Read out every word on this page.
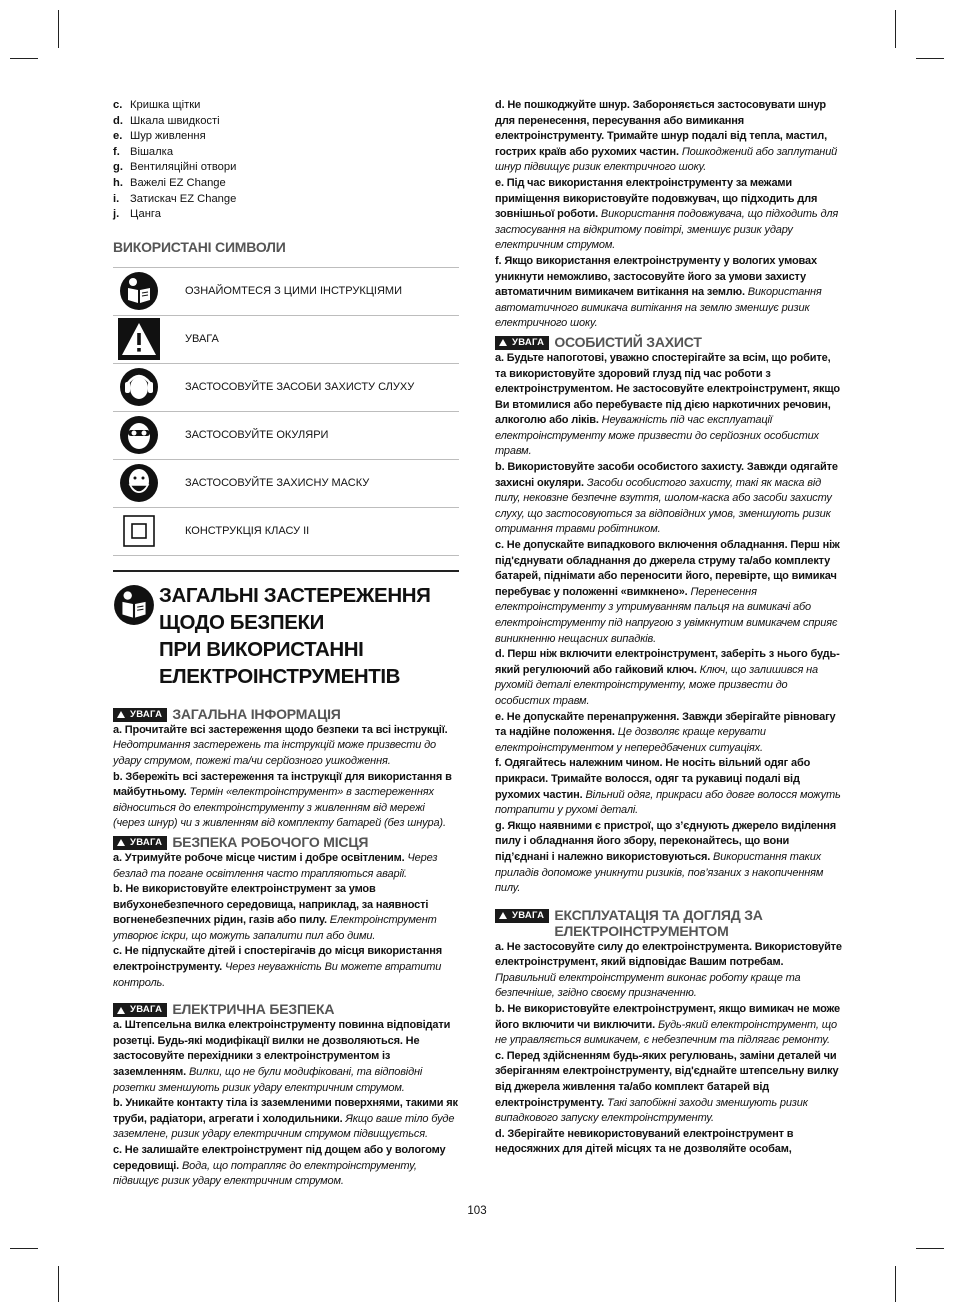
c. Кришка щітки
d. Шкала швидкості
e. Шур живлення
f. Вішалка
g. Вентиляційні отвори
h. Важелі EZ Change
i. Затискач EZ Change
j. Цанга
ВИКОРИСТАНІ СИМВОЛИ
ОЗНАЙОМТЕСЯ З ЦИМИ ІНСТРУКЦІЯМИ
УВАГА
ЗАСТОСОВУЙТЕ ЗАСОБИ ЗАХИСТУ СЛУХУ
ЗАСТОСОВУЙТЕ ОКУЛЯРИ
ЗАСТОСОВУЙТЕ ЗАХИСНУ МАСКУ
КОНСТРУКЦІЯ КЛАСУ II
ЗАГАЛЬНІ ЗАСТЕРЕЖЕННЯ
ЩОДО БЕЗПЕКИ
ПРИ ВИКОРИСТАННІ
ЕЛЕКТРОІНСТРУМЕНТІВ
УВАГА ЗАГАЛЬНА ІНФОРМАЦІЯ
a. Прочитайте всі застереження щодо безпеки та всі інструкції. Недотримання застережень та інструкцій може призвести до удару струмом, пожежі та/чи серйозного ушкодження.
b. Збережіть всі застереження та інструкції для використання в майбутньому. Термін «електроінструмент» в застереженнях відноситься до електроінструменту з живленням від мережі (через шнур) чи з живленням від комплекту батарей (без шнура).
УВАГА БЕЗПЕКА РОБОЧОГО МІСЦЯ
a. Утримуйте робоче місце чистим і добре освітленим. Через безлад та погане освітлення часто трапляються аварії.
b. Не використовуйте електроінструмент за умов вибухонебезпечного середовища, наприклад, за наявності вогненебезпечних рідин, газів або пилу. Електроінструмент утворює іскри, що можуть запалити пил або дими.
c. Не підпускайте дітей і спостерігачів до місця використання електроінструменту. Через неуважність Ви можете втратити контроль.
УВАГА ЕЛЕКТРИЧНА БЕЗПЕКА
a. Штепсельна вилка електроінструменту повинна відповідати розетці. Будь-які модифікації вилки не дозволяються. Не застосовуйте перехідники з електроінструментом із заземленням. Вилки, що не були модифіковані, та відповідні розетки зменшують ризик удару електричним струмом.
b. Уникайте контакту тіла із заземленими поверхнями, такими як труби, радіатори, агрегати і холодильники. Якщо ваше тіло буде заземлене, ризик удару електричним струмом підвищується.
c. Не залишайте електроінструмент під дощем або у вологому середовищі. Вода, що потрапляє до електроінструменту, підвищує ризик удару електричним струмом.
d. Не пошкоджуйте шнур. Забороняється застосовувати шнур для перенесення, пересування або вимикання електроінструменту. Тримайте шнур подалі від тепла, мастил, гострих країв або рухомих частин. Пошкоджений або заплутаний шнур підвищує ризик електричного шоку.
e. Під час використання електроінструменту за межами приміщення використовуйте подовжувач, що підходить для зовнішньої роботи. Використання подовжувача, що підходить для застосування на відкритому повітрі, зменшує ризик удару електричним струмом.
f. Якщо використання електроінструменту у вологих умовах уникнути неможливо, застосовуйте його за умови захисту автоматичним вимикачем витікання на землю. Використання автоматичного вимикача витікання на землю зменшує ризик електричного шоку.
УВАГА ОСОБИСТИЙ ЗАХИСТ
a. Будьте напоготові, уважно спостерігайте за всім, що робите, та використовуйте здоровий глузд під час роботи з електроінструментом. Не застосовуйте електроінструмент, якщо Ви втомилися або перебуваєте під дією наркотичних речовин, алкоголю або ліків. Неуважність під час експлуатації електроінструменту може призвести до серйозних особистих травм.
b. Використовуйте засоби особистого захисту. Завжди одягайте захисні окуляри. Засоби особистого захисту, такі як маска від пилу, нековзне безпечне взуття, шолом-каска або засоби захисту слуху, що застосовуються за відповідних умов, зменшують ризик отримання травми робітником.
c. Не допускайте випадкового включення обладнання. Перш ніж під'єднувати обладнання до джерела струму та/або комплекту батарей, піднімати або переносити його, перевірте, що вимикач перебуває у положенні «вимкнено». Перенесення електроінструменту з утримуванням пальця на вимикачі або електроінструменту під напругою з увімкнутим вимикачем сприяє виникненню нещасних випадків.
d. Перш ніж включити електроінструмент, заберіть з нього будь-який регулюючий або гайковий ключ. Ключ, що залишився на рухомій деталі електроінструменту, може призвести до особистих травм.
e. Не допускайте перенапруження. Завжди зберігайте рівновагу та надійне положення. Це дозволяє краще керувати електроінструментом у непередбачених ситуаціях.
f. Одягайтесь належним чином. Не носіть вільний одяг або прикраси. Тримайте волосся, одяг та рукавиці подалі від рухомих частин. Вільний одяг, прикраси або довге волосся можуть потрапити у рухомі деталі.
g. Якщо наявними є пристрої, що з’єднують джерело виділення пилу і обладнання його збору, переконайтесь, що вони під’єднані і належно використовуються. Використання таких приладів допоможе уникнути ризиків, пов’язаних з накопиченням пилу.
УВАГА ЕКСПЛУАТАЦІЯ ТА ДОГЛЯД ЗА ЕЛЕКТРОІНСТРУМЕНТОМ
a. Не застосовуйте силу до електроінструмента. Використовуйте електроінструмент, який відповідає Вашим потребам. Правильний електроінструмент виконає роботу краще та безпечніше, згідно своєму призначенню.
b. Не використовуйте електроінструмент, якщо вимикач не може його включити чи виключити. Будь-який електроінструмент, що не управляється вимикачем, є небезпечним та підлягає ремонту.
c. Перед здійсненням будь-яких регулювань, заміни деталей чи зберіганням електроінструменту, від'єднайте штепсельну вилку від джерела живлення та/або комплект батарей від електроінструменту. Такі запобіжні заходи зменшують ризик випадкового запуску електроінструменту.
d. Зберігайте невикористовуваний електроінструмент в недосяжних для дітей місцях та не дозволяйте особам,
103
